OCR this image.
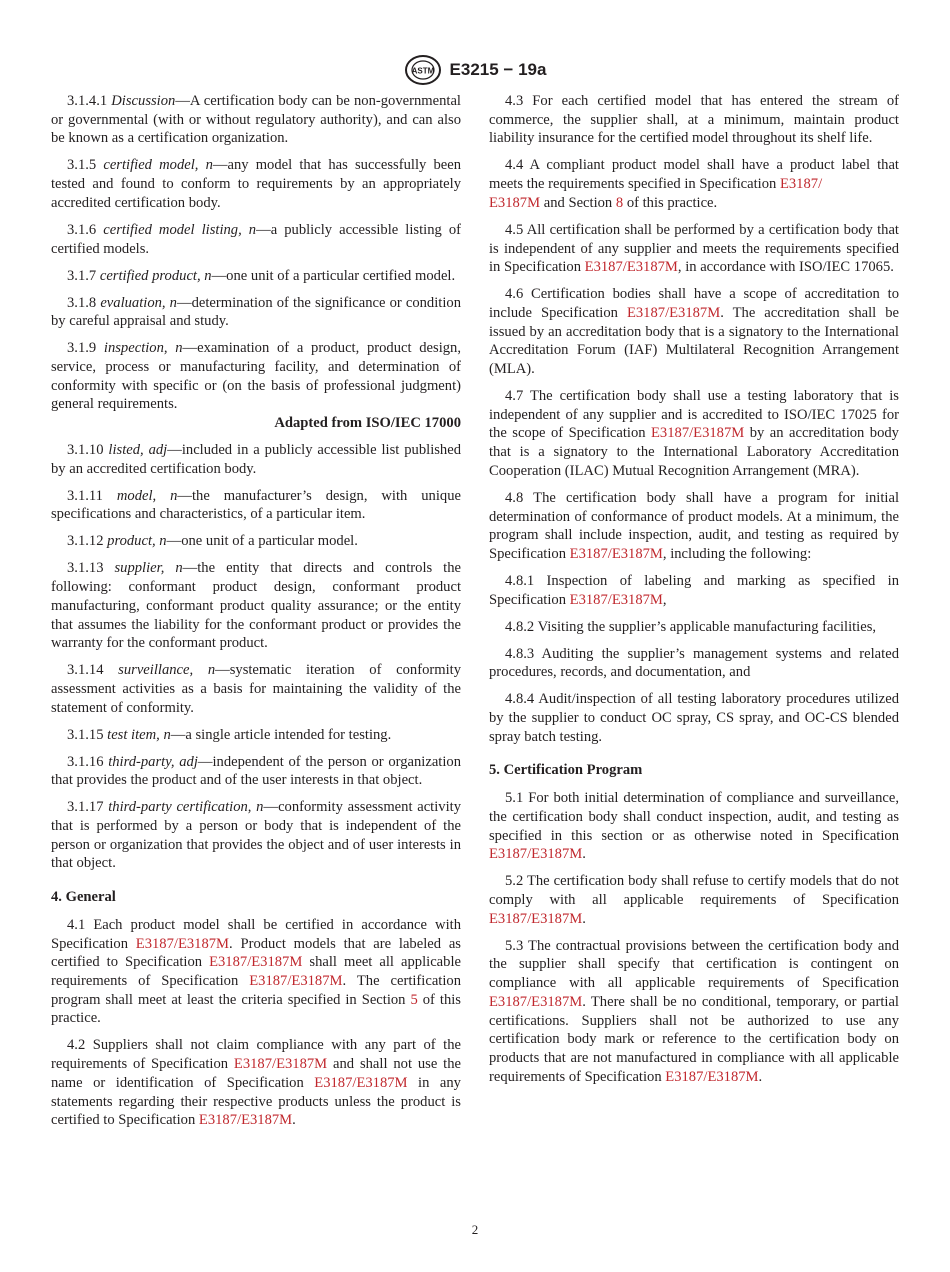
ASTM E3215 − 19a

3.1.4.1 Discussion—A certification body can be non-governmental or governmental (with or without regulatory authority), and can also be known as a certification organization.

3.1.5 certified model, n—any model that has successfully been tested and found to conform to requirements by an appropriately accredited certification body.

3.1.6 certified model listing, n—a publicly accessible listing of certified models.

3.1.7 certified product, n—one unit of a particular certified model.

3.1.8 evaluation, n—determination of the significance or condition by careful appraisal and study.

3.1.9 inspection, n—examination of a product, product design, service, process or manufacturing facility, and determination of conformity with specific or (on the basis of professional judgment) general requirements.

Adapted from ISO/IEC 17000

3.1.10 listed, adj—included in a publicly accessible list published by an accredited certification body.

3.1.11 model, n—the manufacturer’s design, with unique specifications and characteristics, of a particular item.

3.1.12 product, n—one unit of a particular model.

3.1.13 supplier, n—the entity that directs and controls the following: conformant product design, conformant product manufacturing, conformant product quality assurance; or the entity that assumes the liability for the conformant product or provides the warranty for the conformant product.

3.1.14 surveillance, n—systematic iteration of conformity assessment activities as a basis for maintaining the validity of the statement of conformity.

3.1.15 test item, n—a single article intended for testing.

3.1.16 third-party, adj—independent of the person or organization that provides the product and of the user interests in that object.

3.1.17 third-party certification, n—conformity assessment activity that is performed by a person or body that is independent of the person or organization that provides the object and of user interests in that object.

4. General

4.1 Each product model shall be certified in accordance with Specification E3187/E3187M. Product models that are labeled as certified to Specification E3187/E3187M shall meet all applicable requirements of Specification E3187/E3187M. The certification program shall meet at least the criteria specified in Section 5 of this practice.

4.2 Suppliers shall not claim compliance with any part of the requirements of Specification E3187/E3187M and shall not use the name or identification of Specification E3187/E3187M in any statements regarding their respective products unless the product is certified to Specification E3187/E3187M.

4.3 For each certified model that has entered the stream of commerce, the supplier shall, at a minimum, maintain product liability insurance for the certified model throughout its shelf life.

4.4 A compliant product model shall have a product label that meets the requirements specified in Specification E3187/
E3187M and Section 8 of this practice.

4.5 All certification shall be performed by a certification body that is independent of any supplier and meets the requirements specified in Specification E3187/E3187M, in accordance with ISO/IEC 17065.

4.6 Certification bodies shall have a scope of accreditation to include Specification E3187/E3187M. The accreditation shall be issued by an accreditation body that is a signatory to the International Accreditation Forum (IAF) Multilateral Recognition Arrangement (MLA).

4.7 The certification body shall use a testing laboratory that is independent of any supplier and is accredited to ISO/IEC 17025 for the scope of Specification E3187/E3187M by an accreditation body that is a signatory to the International Laboratory Accreditation Cooperation (ILAC) Mutual Recognition Arrangement (MRA).

4.8 The certification body shall have a program for initial determination of conformance of product models. At a minimum, the program shall include inspection, audit, and testing as required by Specification E3187/E3187M, including the following:

4.8.1 Inspection of labeling and marking as specified in Specification E3187/E3187M,

4.8.2 Visiting the supplier’s applicable manufacturing facilities,

4.8.3 Auditing the supplier’s management systems and related procedures, records, and documentation, and

4.8.4 Audit/inspection of all testing laboratory procedures utilized by the supplier to conduct OC spray, CS spray, and OC-CS blended spray batch testing.

5. Certification Program

5.1 For both initial determination of compliance and surveillance, the certification body shall conduct inspection, audit, and testing as specified in this section or as otherwise noted in Specification E3187/E3187M.

5.2 The certification body shall refuse to certify models that do not comply with all applicable requirements of Specification E3187/E3187M.

5.3 The contractual provisions between the certification body and the supplier shall specify that certification is contingent on compliance with all applicable requirements of Specification E3187/E3187M. There shall be no conditional, temporary, or partial certifications. Suppliers shall not be authorized to use any certification body mark or reference to the certification body on products that are not manufactured in compliance with all applicable requirements of Specification E3187/E3187M.

2
